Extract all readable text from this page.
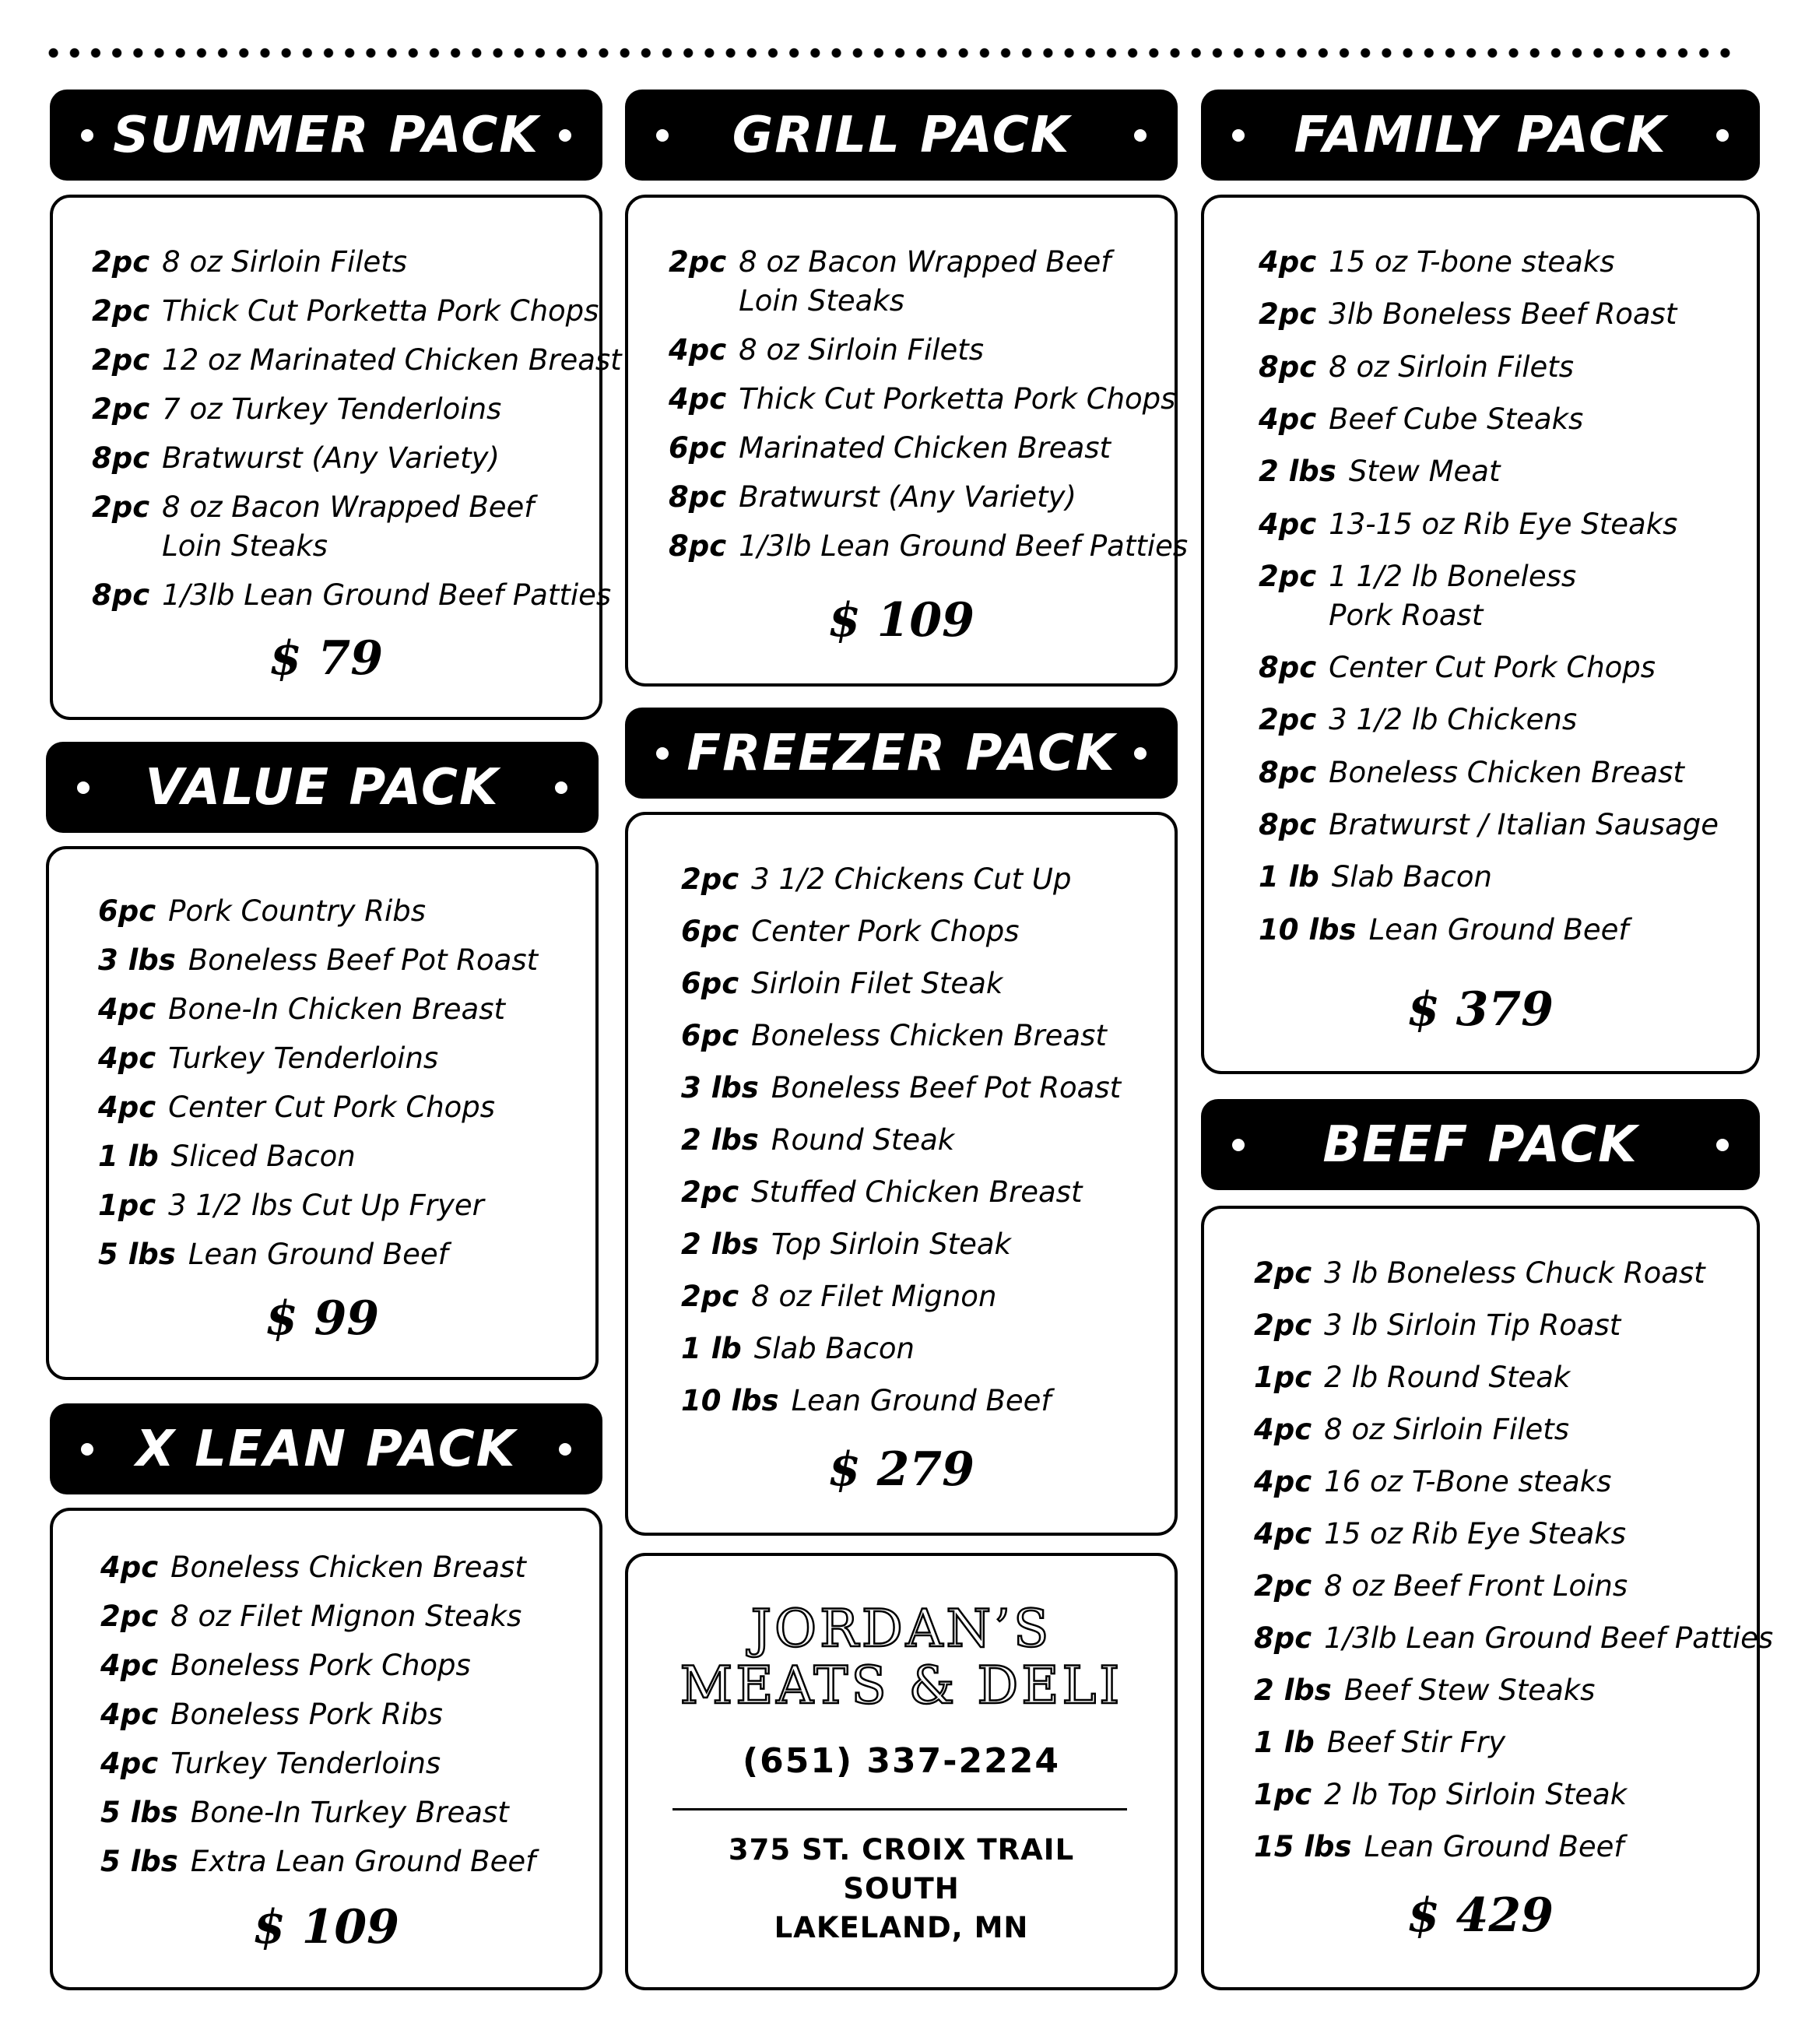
SUMMER PACK
2pc 8 oz Sirloin Filets
2pc Thick Cut Porketta Pork Chops
2pc 12 oz Marinated Chicken Breast
2pc 7 oz Turkey Tenderloins
8pc Bratwurst (Any Variety)
2pc 8 oz Bacon Wrapped Beef
Loin Steaks
8pc 1/3lb Lean Ground Beef Patties
$ 79
GRILL PACK
2pc 8 oz Bacon Wrapped Beef
Loin Steaks
4pc 8 oz Sirloin Filets
4pc Thick Cut Porketta Pork Chops
6pc Marinated Chicken Breast
8pc Bratwurst (Any Variety)
8pc 1/3lb Lean Ground Beef Patties
$ 109
FAMILY PACK
4pc 15 oz T-bone steaks
2pc 3lb Boneless Beef Roast
8pc 8 oz Sirloin Filets
4pc Beef Cube Steaks
2 lbs Stew Meat
4pc 13-15 oz Rib Eye Steaks
2pc 1 1/2 lb Boneless
Pork Roast
8pc Center Cut Pork Chops
2pc 3 1/2 lb Chickens
8pc Boneless Chicken Breast
8pc Bratwurst / Italian Sausage
1 lb Slab Bacon
10 lbs Lean Ground Beef
$ 379
VALUE PACK
6pc Pork Country Ribs
3 lbs Boneless Beef Pot Roast
4pc Bone-In Chicken Breast
4pc Turkey Tenderloins
4pc Center Cut Pork Chops
1 lb Sliced Bacon
1pc 3 1/2 lbs Cut Up Fryer
5 lbs Lean Ground Beef
$ 99
FREEZER PACK
2pc 3 1/2 Chickens Cut Up
6pc Center Pork Chops
6pc Sirloin Filet Steak
6pc Boneless Chicken Breast
3 lbs Boneless Beef Pot Roast
2 lbs Round Steak
2pc Stuffed Chicken Breast
2 lbs Top Sirloin Steak
2pc 8 oz Filet Mignon
1 lb Slab Bacon
10 lbs Lean Ground Beef
$ 279
BEEF PACK
2pc 3 lb Boneless Chuck Roast
2pc 3 lb Sirloin Tip Roast
1pc 2 lb Round Steak
4pc 8 oz Sirloin Filets
4pc 16 oz T-Bone steaks
4pc 15 oz Rib Eye Steaks
2pc 8 oz Beef Front Loins
8pc 1/3lb Lean Ground Beef Patties
2 lbs Beef Stew Steaks
1 lb Beef Stir Fry
1pc 2 lb Top Sirloin Steak
15 lbs Lean Ground Beef
$ 429
X LEAN PACK
4pc Boneless Chicken Breast
2pc 8 oz Filet Mignon Steaks
4pc Boneless Pork Chops
4pc Boneless Pork Ribs
4pc Turkey Tenderloins
5 lbs Bone-In Turkey Breast
5 lbs Extra Lean Ground Beef
$ 109
JORDAN’S
MEATS & DELI
(651) 337-2224
375 ST. CROIX TRAIL
SOUTH
LAKELAND, MN
